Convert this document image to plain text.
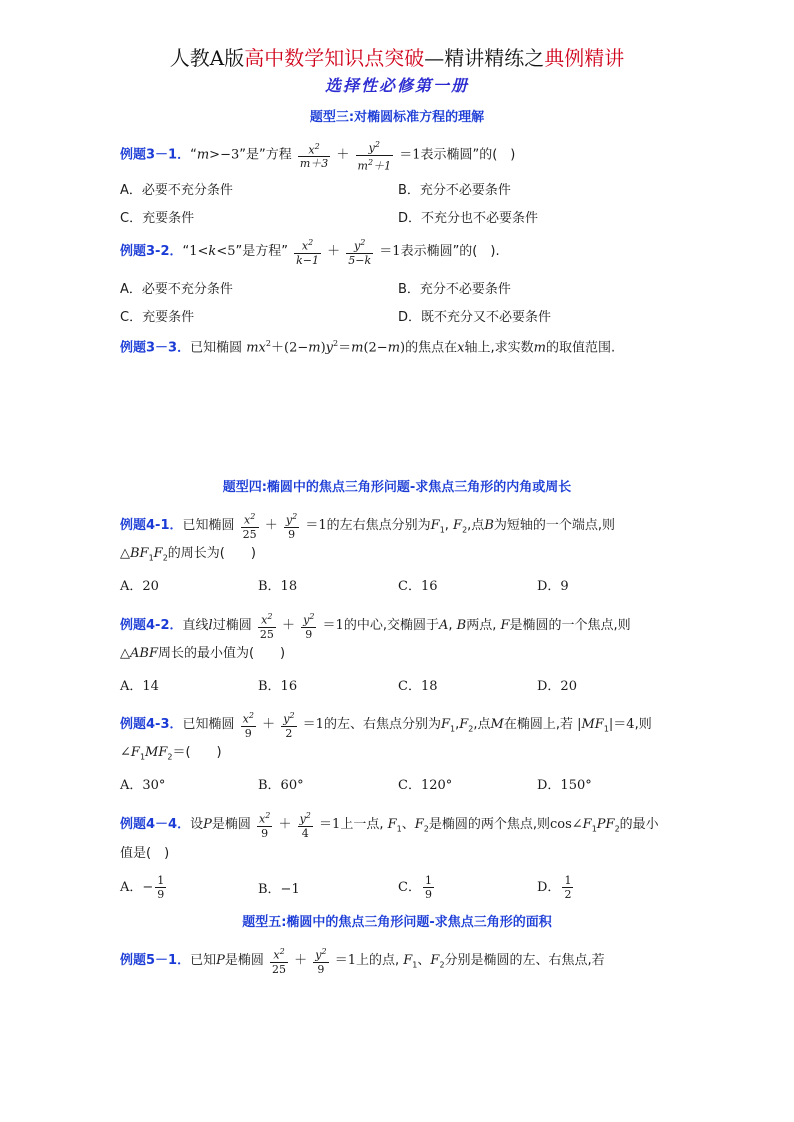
人教A版高中数学知识点突破—精讲精练之典例精讲
选择性必修第一册
题型三:对椭圆标准方程的理解
例题3－1．“m>−3”是”方程 $\frac{x^2}{m+3} + \frac{y^2}{m^2+1} =1$表示椭圆”的(　)
A．必要不充分条件	B．充分不必要条件
C．充要条件	D．不充分也不必要条件
例题3-2．“1<k<5”是方程” $\frac{x^2}{k-1} + \frac{y^2}{5-k} =1$表示椭圆”的(　).
A．必要不充分条件	B．充分不必要条件
C．充要条件	D．既不充分又不必要条件
例题3－3．已知椭圆 $mx^2+(2-m)y^2=m(2-m)$的焦点在x轴上,求实数m的取值范围.
题型四:椭圆中的焦点三角形问题-求焦点三角形的内角或周长
例题4-1．已知椭圆 $\frac{x^2}{25} + \frac{y^2}{9} =1$的左右焦点分别为$F_1$, $F_2$,点B为短轴的一个端点,则
$\triangle BF_1F_2$的周长为(　　)
A．20	B．18	C．16	D．9
例题4-2．直线l过椭圆 $\frac{x^2}{25} + \frac{y^2}{9} =1$的中心,交椭圆于A, B两点, F是椭圆的一个焦点,则
△ABF周长的最小值为(　　)
A．14	B．16	C．18	D．20
例题4-3．已知椭圆 $\frac{x^2}{9} + \frac{y^2}{2} =1$的左、右焦点分别为$F_1,F_2$,点M在椭圆上,若 $|MF_1|=4$,则
$\angle F_1MF_2=$(　　)
A．30°	B．60°	C．120°	D．150°
例题4－4．设P是椭圆 $\frac{x^2}{9} + \frac{y^2}{4} =1$上一点, $F_1$、$F_2$是椭圆的两个焦点,则$\cos\angle F_1PF_2$的最小
值是(　)
A．− $\frac{1}{9}$	B．−1	C． $\frac{1}{9}$	D． $\frac{1}{2}$
题型五:椭圆中的焦点三角形问题-求焦点三角形的面积
例题5－1．已知P是椭圆 $\frac{x^2}{25} + \frac{y^2}{9} =1$上的点, $F_1$、$F_2$分别是椭圆的左、右焦点,若
